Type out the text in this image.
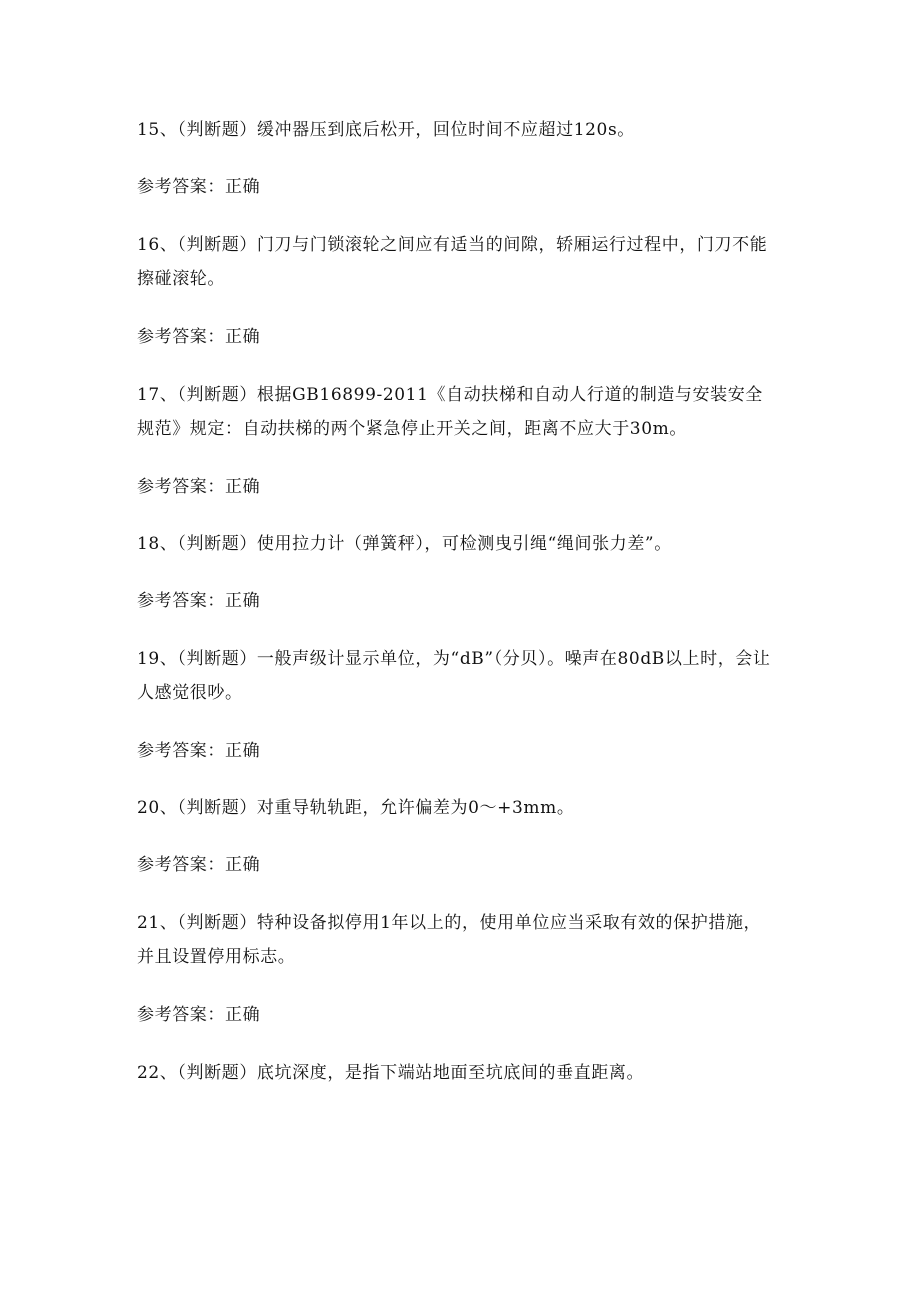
15、（判断题）缓冲器压到底后松开，回位时间不应超过120s。
参考答案：正确
16、（判断题）门刀与门锁滚轮之间应有适当的间隙，轿厢运行过程中，门刀不能擦碰滚轮。
参考答案：正确
17、（判断题）根据GB16899-2011《自动扶梯和自动人行道的制造与安装安全规范》规定：自动扶梯的两个紧急停止开关之间，距离不应大于30m。
参考答案：正确
18、（判断题）使用拉力计（弹簧秤），可检测曳引绳“绳间张力差”。
参考答案：正确
19、（判断题）一般声级计显示单位，为“dB”（分贝）。噪声在80dB以上时，会让人感觉很吵。
参考答案：正确
20、（判断题）对重导轨轨距，允许偏差为0～+3mm。
参考答案：正确
21、（判断题）特种设备拟停用1年以上的，使用单位应当采取有效的保护措施，并且设置停用标志。
参考答案：正确
22、（判断题）底坑深度，是指下端站地面至坑底间的垂直距离。
